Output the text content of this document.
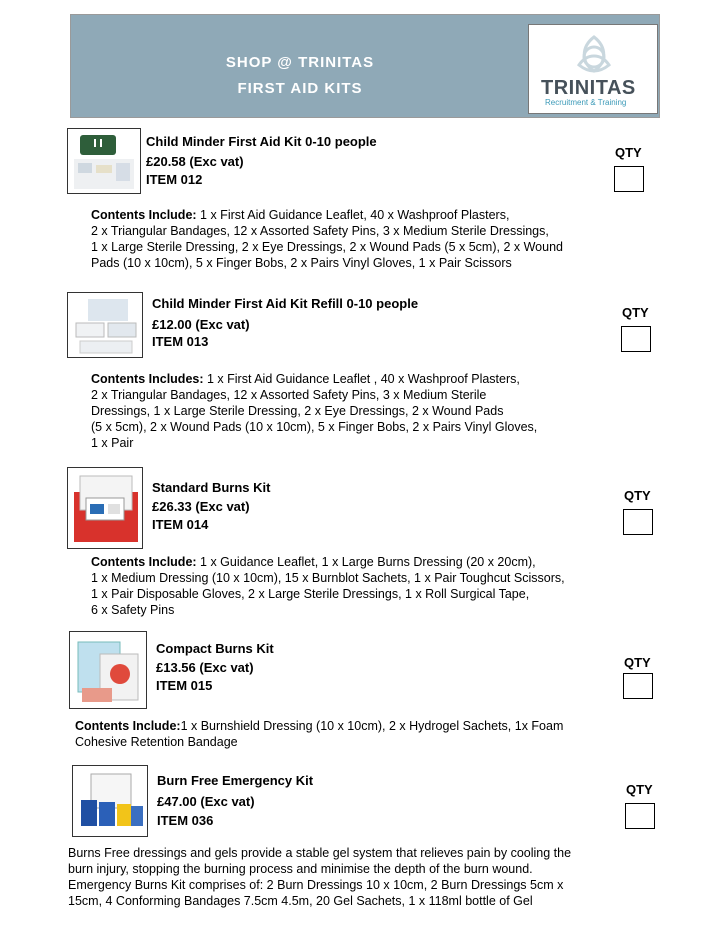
SHOP @ TRINITAS
FIRST AID KITS	TRINITAS
Recruitment & Training
Child Minder First Aid Kit 0-10 people
£20.58 (Exc vat)
ITEM 012
QTY
Contents Include: 1 x First Aid Guidance Leaflet, 40 x Washproof Plasters,
2 x Triangular Bandages, 12 x Assorted Safety Pins, 3 x Medium Sterile Dressings,
1 x Large Sterile Dressing, 2 x Eye Dressings, 2 x Wound Pads (5 x 5cm), 2 x Wound
Pads (10 x 10cm), 5 x Finger Bobs, 2 x Pairs Vinyl Gloves, 1 x Pair Scissors
Child Minder First Aid Kit Refill 0-10 people
£12.00 (Exc vat)
ITEM 013
QTY
Contents Includes: 1 x First Aid Guidance Leaflet , 40 x Washproof Plasters,
2 x Triangular Bandages, 12 x Assorted Safety Pins, 3 x Medium Sterile
Dressings, 1 x Large Sterile Dressing, 2 x Eye Dressings, 2 x Wound Pads
(5 x 5cm), 2 x Wound Pads (10 x 10cm), 5 x Finger Bobs, 2 x Pairs Vinyl Gloves,
1 x Pair
Standard Burns Kit
£26.33 (Exc vat)
ITEM 014
QTY
Contents Include: 1 x Guidance Leaflet, 1 x Large Burns Dressing (20 x 20cm),
1 x Medium Dressing (10 x 10cm), 15 x Burnblot Sachets, 1 x Pair Toughcut Scissors,
1 x Pair Disposable Gloves, 2 x Large Sterile Dressings, 1 x Roll Surgical Tape,
6 x Safety Pins
Compact Burns Kit
£13.56 (Exc vat)
ITEM 015
QTY
Contents Include:1 x Burnshield Dressing (10 x 10cm), 2 x Hydrogel Sachets, 1x Foam
Cohesive Retention Bandage
Burn Free Emergency Kit
£47.00 (Exc vat)
ITEM 036
QTY
Burns Free dressings and gels provide a stable gel system that relieves pain by cooling the
burn injury, stopping the burning process and minimise the depth of the burn wound.
Emergency Burns Kit comprises of: 2 Burn Dressings 10 x 10cm, 2 Burn Dressings 5cm x
15cm, 4 Conforming Bandages 7.5cm 4.5m, 20 Gel Sachets, 1 x 118ml bottle of Gel
